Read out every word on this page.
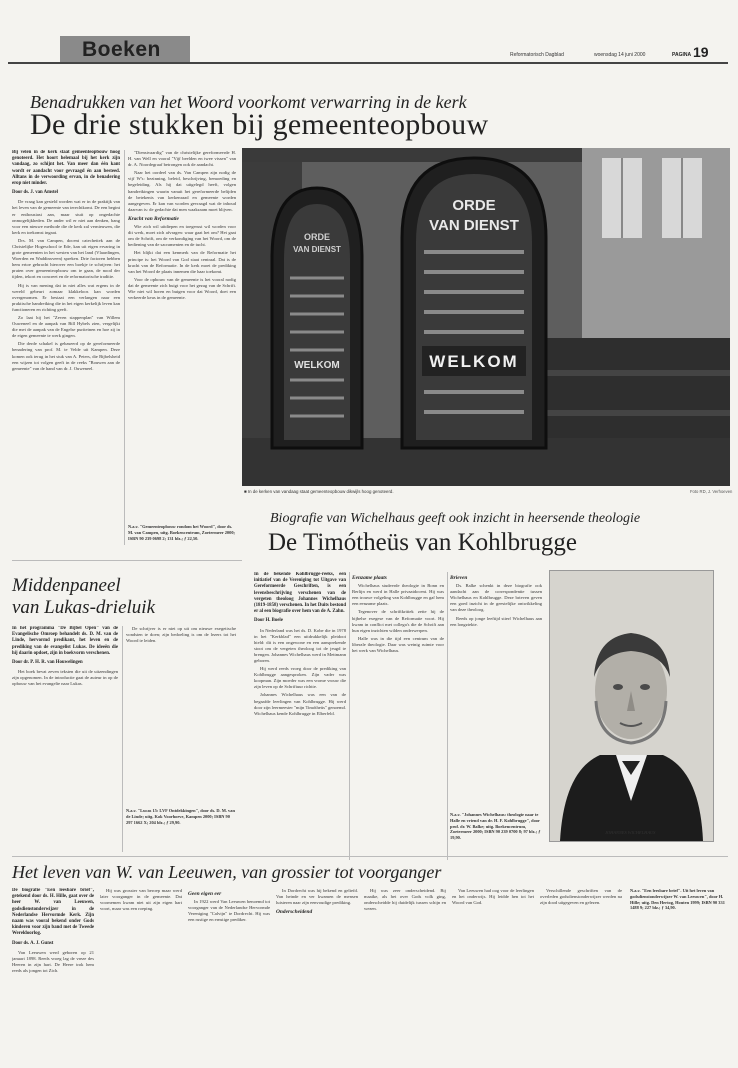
Boeken	Reformatorisch Dagblad	woensdag 14 juni 2000	PAGINA 19
Benadrukken van het Woord voorkomt verwarring in de kerk
De drie stukken bij gemeenteopbouw
Bij velen in de kerk staat gemeenteopbouw hoog genoteerd. Het hoort helemaal bij het kerk zijn vandaag, zo schijnt het. Van meer dan één kant wordt er aandacht voor gevraagd én aan besteed. Alltans in de verwoording ervan, in de benadering erop niet minder.
Door ds. J. van Amstel

De vraag kan gesteld worden wat er in de praktijk van het leven van de gemeente van terechtkomt. De een begint er enthousiast aan, maar stuit op ongedachte onmogelijkheden. De ander wil er niet aan denken, bang voor een nieuwe methode die de kerk zal vernieuwen, die kerk en toekomst ingaat.

Drs. M. van Campen, docent catechetiek aan de Christelijke Hogeschool te Ede, kan uit eigen ervaring in grote gemeenten in het westen van het land (Vlaardingen, Woerden en Waddinxveen) spreken. Drie factoren hebben hem ertoe gebracht hierover een boekje te schrijven: het praten over gemeenteopbouw om te gaan, de nood der tijden, tekort en concreet en de reformatorische traditie.

Hij is van mening dat in niet alles wat ergens in de wereld gebeurt zomaar klakkeloos kan worden overgenomen. Er bestaat een verlangen naar een praktische handreiking die in het eigen kerkelijk leven kan functioneren en richting geeft.

Zo laat hij het "Zeven stappenplan" van Willem Ouweneel en de aanpak van Bill Hybels zien, vergelijkt die met de aanpak van de Engelse puriteinen en hoe zij in de eigen gemeente te werk gingen.

Die derde schakel is gebaseerd op de gereformeerde benadering van prof. M. te Velde uit Kampen. Deze komen ook terug in het stuk van A. Peters, die Bijbelsheid een wijzen tot volgen geeft in de reeks "Bouwen aan de gemeente" van de hand van dr. J. Ouweneel.

"Dienstvaardig" van de christelijke gereformeerde H. H. van Well en vooral "Vijf beelden en twee vissen" van dr. A. Noordegraaf betrongen ook de aandacht.

Naar het oordeel van ds. Van Campen zijn nodig de vijf W's: bezinning, beleid, beschrijving, bemoeding en begeleiding. Als hij dat uitgelegd heeft, volgen handreikingen waarin vanuit het gereformeerde belijden de betekenis van kerkenraad en gemeente worden aangegeven. Er kan van worden gevraagd wat de inhoud daarvan is: de gedachte dat men waakzaam moet blijven.

Kracht van Reformatie

Wie zich wil uitdiepen en toegerust wil worden voor dit werk, moet zich afvragen: waar gaat het om? Het gaat om de Schrift, om de verkondiging van het Woord, om de bediening van de sacramenten en de tucht.

Het blijkt dat een kenmerk van de Reformatie het principe is: het Woord van God staat centraal. Dat is de kracht van de Reformatie. In de kerk moet de prediking van het Woord de plaats innemen die haar toekomt.

Voor de opbouw van de gemeente is het vooral nodig dat de gemeente zich buigt voor het gezag van de Schrift. Wie niet wil horen en buigen voor dat Woord, doet een verkeerde keus in de gemeente.

N.a.v. "Gemeenteopbouw rondom het Woord", door ds. M. van Campen, uitg. Boekencentrum, Zoetermeer 2000; ISBN 90 239 0698 2; 131 blz.; ƒ 22,50.
ORDE
VAN DIENST
WELKOM
ORDE
VAN DIENST
WELKOM
■ In de kerken van vandaag staat gemeenteopbouw dikwijls hoog genoteerd.	Foto RD, J. Verhoeven
Biografie van Wichelhaus geeft ook inzicht in heersende theologie
De Timótheüs van Kohlbrugge
In de bekende Kohlbrugge-reeks, een initiatief van de Vereniging tot Uitgave van Gereformeerde Geschriften, is een levensbeschrijving verschenen van de vergeten theoloog Johannes Wichelhaus (1819-1858) verschenen. In het Duits bestond er al een biografie over hem van de A. Zahn.
Door H. Boele

In Nederland was het ds. D. Kobe die in 1978 in het "Kerkblad" een uitdrukkelijk pleidooi hield: dit is een ongewone en een aansprekende stoot om de vergeten theoloog tot de jeugd te brengen. Johannes Wichelhaus werd in Mettmann geboren.

Hij werd reeds vroeg door de prediking van Kohlbrugge aangesproken. Zijn vader was koopman. Zijn moeder was een vrome vrouw die zijn leven op de Schriftuur richtte.

Johannes Wichelhaus was een van de begaafde leerlingen van Kohlbrugge. Hij werd door zijn leermeester "mijn Timótheüs" genoemd. Wichelhaus kende Kohlbrugge in Elberfeld.

Eenzame plaats

Wichelhaus studeerde theologie in Bonn en Berlijn en werd in Halle privaatdocent. Hij was een trouwe volgeling van Kohlbrugge en gaf hem een eenzame plaats.

Tegenover de schriftkritiek zette hij de bijbelse exegese van de Reformatie voort. Hij kwam in conflict met collega's die de Schrift aan hun eigen inzichten wilden onderwerpen.

Halle was in die tijd een centrum van de liberale theologie. Daar was weinig ruimte voor het werk van Wichelhaus.

Brieven

Ds. Balke schenkt in deze biografie ook aandacht aan de correspondentie tussen Wichelhaus en Kohlbrugge. Deze brieven geven een goed inzicht in de geestelijke ontwikkeling van deze theoloog.

Reeds op jonge leeftijd stierf Wichelhaus aan een longziekte.

N.a.v. "Johannes Wichelhaus: theologie naar te Halle en vriend van dr. H. F. Kohlbrugge", door prof. dr. W. Balke; uitg. Boekencentrum, Zoetermeer 2000; ISBN 90 239 0700 8; 97 blz.; ƒ 19,90.
JOHANNES WICHELHAUS
Middenpaneel
van Lukas-drieluik
In het programma "De Bijbel Open" van de Evangelische Omroep behandelt ds. D. M. van de Linde, hervormd predikant, het leven en de prediking van de evangelist Lukas. De ideeën die hij daarin opdoet, zijn in boekvorm verschenen.
Door dr. P. H. R. van Houwelingen

Het boek bevat zeven teksten die uit de uitzendingen zijn opgenomen. In de introductie gaat de auteur in op de opbouw van het evangelie naar Lukas.

De schrijver is er niet op uit om nieuwe exegetische vondsten te doen; zijn bedoeling is om de lezers tot het Woord te leiden.

N.a.v. "Lucas 15: LVF Ontdekkingen", door ds. D. M. van de Linde; uitg. Kok Voorhoeve, Kampen 2000; ISBN 90 297 1662 X; 204 blz.; ƒ 29,90.
Het leven van W. van Leeuwen, van grossier tot voorganger
De biografie "Een leesbare brief", getekend door ds. H. Hille, gaat over de heer W. van Leeuwen, godsdienstonderwijzer in de Nederlandse Hervormde Kerk. Zijn naam was vooral bekend onder Gods kinderen voor zijn band met de Tweede Wereldoorlog.
Door ds. A. J. Gunst

Van Leeuwen werd geboren op 21 januari 1898. Reeds vroeg lag de vreze des Heeren in zijn hart. De Heere trok hem reeds als jongen tot Zich.

Hij was grossier van beroep maar werd later voorganger in de gemeente. Dat voornemen kwam niet uit zijn eigen hart voort, maar was een roeping.

Geen eigen eer

In 1922 werd Van Leeuwen benoemd tot voorganger van de Nederlandse Hervormde Vereniging "Calvijn" te Dordrecht. Hij was een rustige en ernstige prediker.

In Dordrecht was hij bekend en geliefd. Van heinde en ver kwamen de mensen luisteren naar zijn eenvoudige prediking.

Onderscheidend

Hij was zeer onderscheidend. Bij maaike, als het over Gods volk ging, onderscheidde hij duidelijk tussen schijn en wezen.

Van Leeuwen had oog voor de leerlingen en het onderwijs. Hij leidde hen tot het Woord van God.

Verschillende geschriften van de overleden godsdienstonderwijzer werden na zijn dood uitgegeven en gelezen.

N.a.v. "Een leesbare brief". Uit het leven van godsdienstonderwijzer W. van Leeuwen", door H. Hille; uitg. Den Hertog, Houten 1999; ISBN 90 331 1488 9; 227 blz.; ƒ 34,90.
